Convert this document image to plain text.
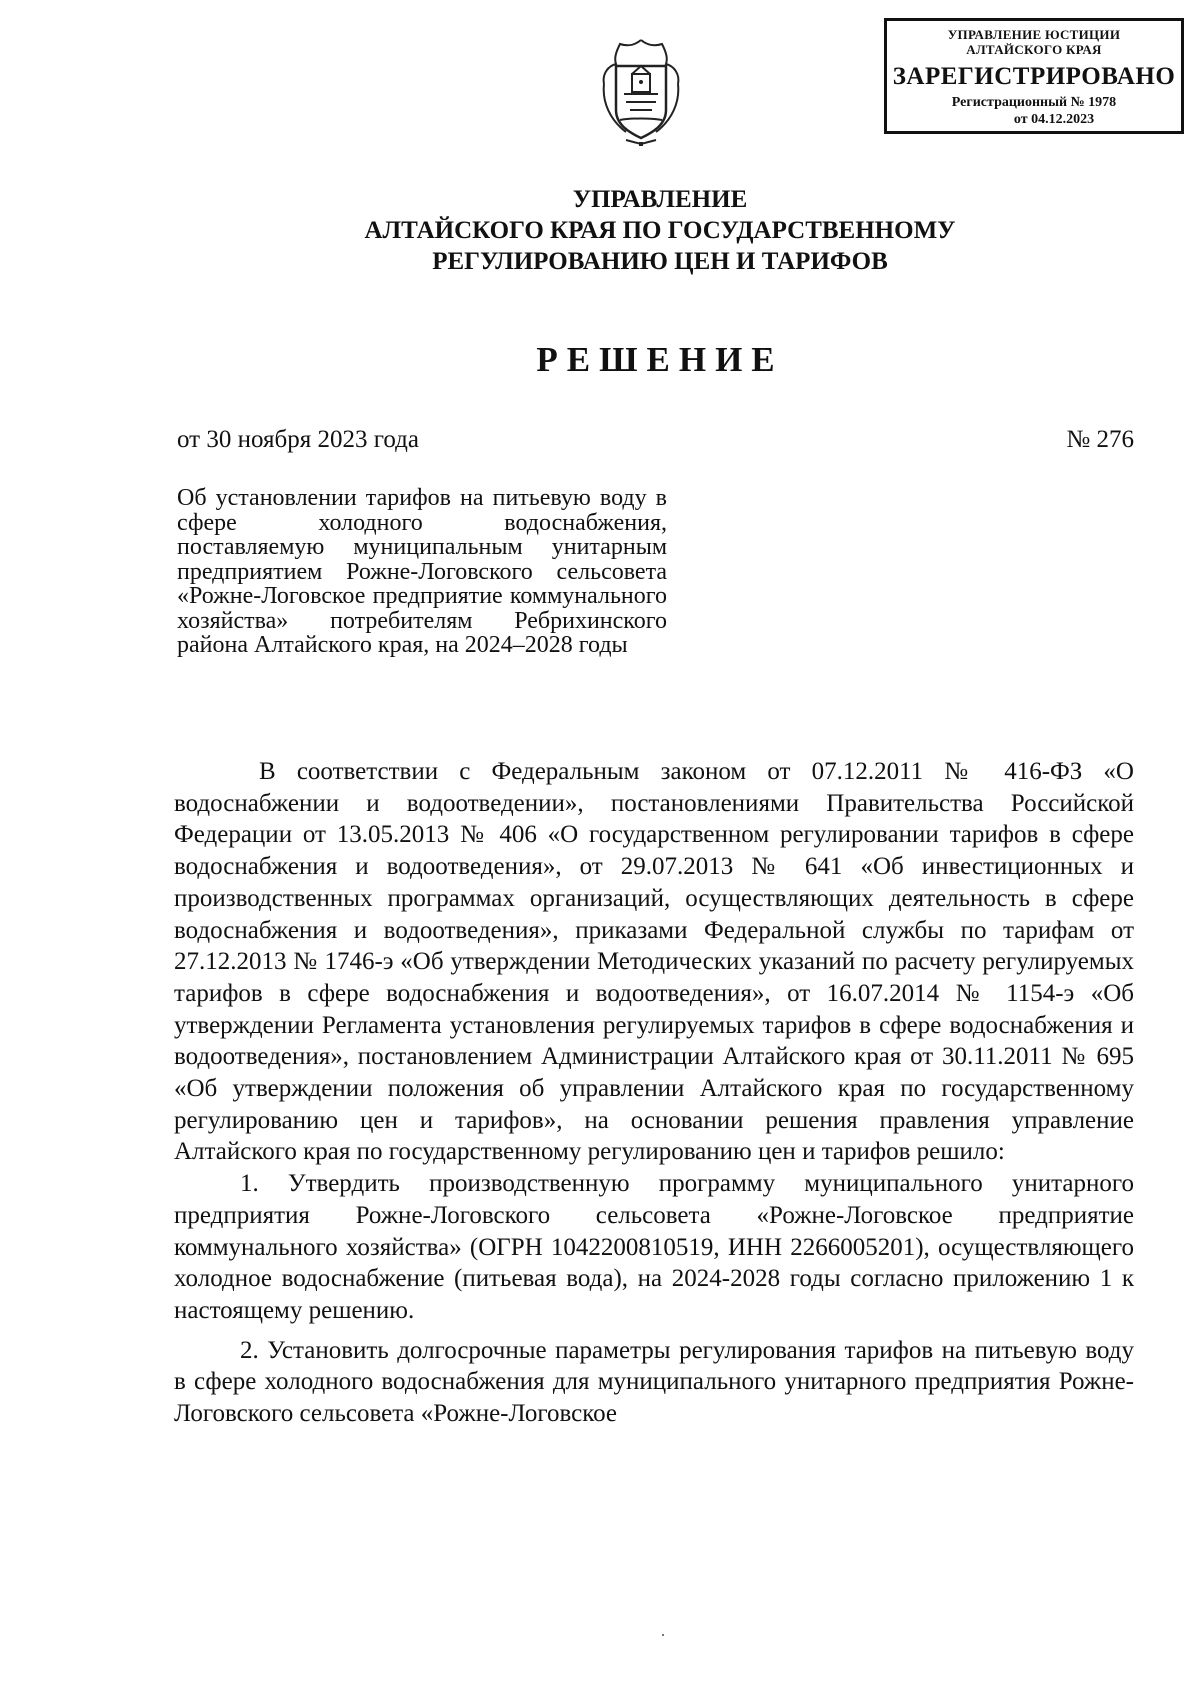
УПРАВЛЕНИЕ ЮСТИЦИИ
АЛТАЙСКОГО КРАЯ
ЗАРЕГИСТРИРОВАНО
Регистрационный № 1978
от 04.12.2023
УПРАВЛЕНИЕ
АЛТАЙСКОГО КРАЯ ПО ГОСУДАРСТВЕННОМУ
РЕГУЛИРОВАНИЮ ЦЕН И ТАРИФОВ
РЕШЕНИЕ
от 30 ноября 2023 года	№ 276
Об установлении тарифов на питьевую воду в сфере холодного водоснабжения, поставляемую муниципальным унитарным предприятием Рожне-Логовского сельсовета «Рожне-Логовское предприятие коммунального хозяйства» потребителям Ребрихинского района Алтайского края, на 2024–2028 годы

В соответствии с Федеральным законом от 07.12.2011 № 416-ФЗ «О водоснабжении и водоотведении», постановлениями Правительства Российской Федерации от 13.05.2013 № 406 «О государственном регулировании тарифов в сфере водоснабжения и водоотведения», от 29.07.2013 № 641 «Об инвестиционных и производственных программах организаций, осуществляющих деятельность в сфере водоснабжения и водоотведения», приказами Федеральной службы по тарифам от 27.12.2013 № 1746-э «Об утверждении Методических указаний по расчету регулируемых тарифов в сфере водоснабжения и водоотведения», от 16.07.2014 № 1154-э «Об утверждении Регламента установления регулируемых тарифов в сфере водоснабжения и водоотведения», постановлением Администрации Алтайского края от 30.11.2011 № 695 «Об утверждении положения об управлении Алтайского края по государственному регулированию цен и тарифов», на основании решения правления управление Алтайского края по государственному регулированию цен и тарифов решило:

1. Утвердить производственную программу муниципального унитарного предприятия Рожне-Логовского сельсовета «Рожне-Логовское предприятие коммунального хозяйства» (ОГРН 1042200810519, ИНН 2266005201), осуществляющего холодное водоснабжение (питьевая вода), на 2024-2028 годы согласно приложению 1 к настоящему решению.

2. Установить долгосрочные параметры регулирования тарифов на питьевую воду в сфере холодного водоснабжения для муниципального унитарного предприятия Рожне-Логовского сельсовета «Рожне-Логовское
